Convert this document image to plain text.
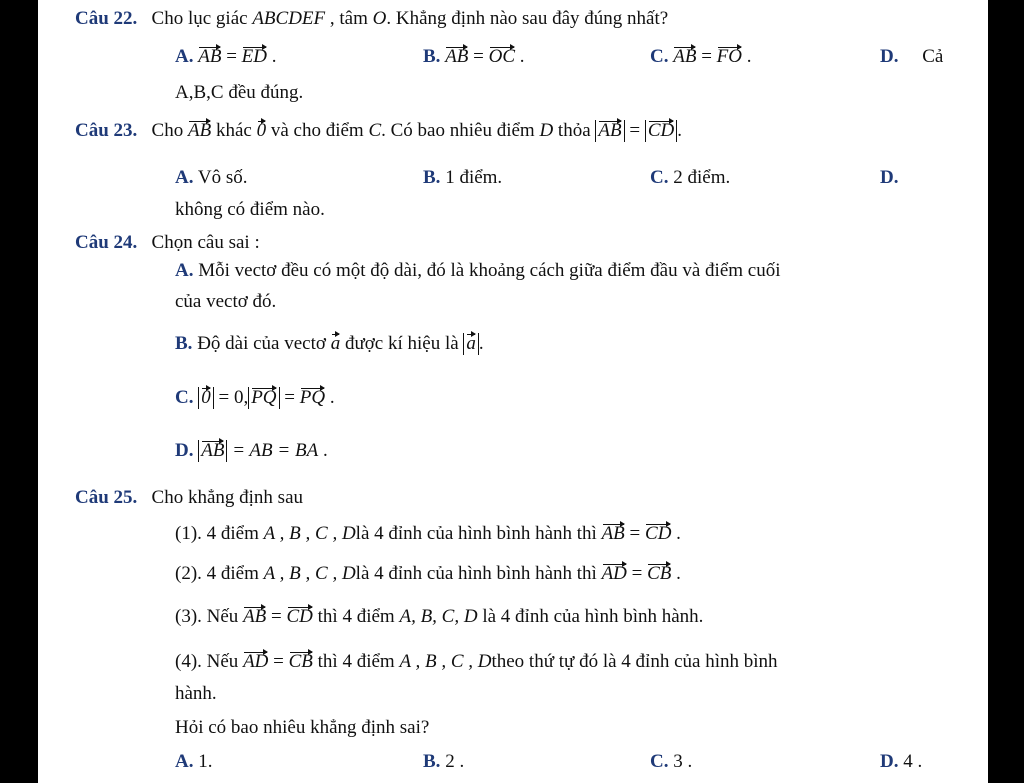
Câu 22. Cho lục giác ABCDEF , tâm O. Khẳng định nào sau đây đúng nhất?
A. AB = ED .	B. AB = OC .	C. AB = FO .	D. Cả
A,B,C đều đúng.
Câu 23. Cho AB khác 0 và cho điểm C. Có bao nhiêu điểm D thỏa AB = CD .
A. Vô số.	B. 1 điểm.	C. 2 điểm.	D.
không có điểm nào.
Câu 24. Chọn câu sai :
A. Mỗi vectơ đều có một độ dài, đó là khoảng cách giữa điểm đầu và điểm cuối
của vectơ đó.
B. Độ dài của vectơ a được kí hiệu là a .
C. 0 = 0, PQ = PQ .
D. AB = AB = BA .
Câu 25. Cho khẳng định sau
(1). 4 điểm A , B , C , Dlà 4 đỉnh của hình bình hành thì AB = CD .
(2). 4 điểm A , B , C , Dlà 4 đỉnh của hình bình hành thì AD = CB .
(3). Nếu AB = CD thì 4 điểm A, B, C, D là 4 đỉnh của hình bình hành.
(4). Nếu AD = CB thì 4 điểm A , B , C , Dtheo thứ tự đó là 4 đỉnh của hình bình
hành.
Hỏi có bao nhiêu khẳng định sai?
A. 1.	B. 2 .	C. 3 .	D. 4 .
